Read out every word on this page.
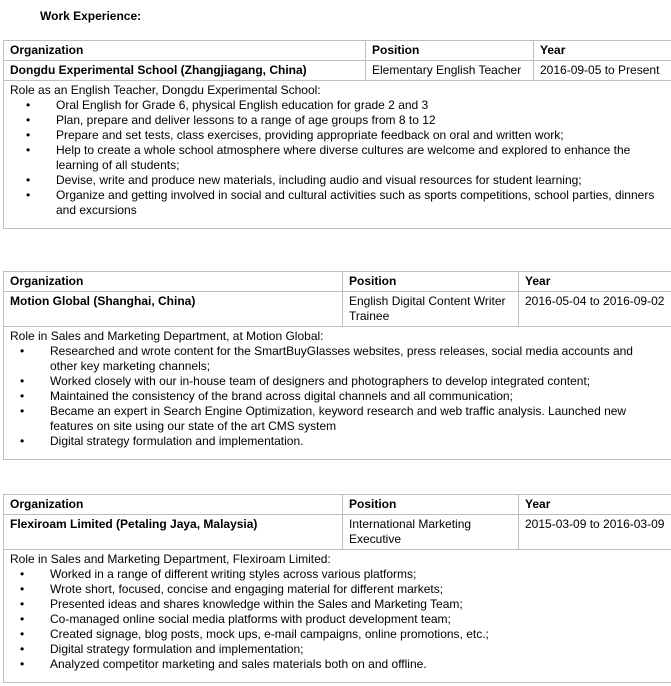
Work Experience:
Organization	Position	Year
Dongdu Experimental School (Zhangjiagang, China)	Elementary English Teacher	2016-09-05 to Present
Role as an English Teacher, Dongdu Experimental School:
• Oral English for Grade 6, physical English education for grade 2 and 3
• Plan, prepare and deliver lessons to a range of age groups from 8 to 12
• Prepare and set tests, class exercises, providing appropriate feedback on oral and written work;
• Help to create a whole school atmosphere where diverse cultures are welcome and explored to enhance the learning of all students;
• Devise, write and produce new materials, including audio and visual resources for student learning;
• Organize and getting involved in social and cultural activities such as sports competitions, school parties, dinners and excursions
Organization	Position	Year
Motion Global (Shanghai, China)	English Digital Content Writer Trainee	2016-05-04 to 2016-09-02
Role in Sales and Marketing Department, at Motion Global:
• Researched and wrote content for the SmartBuyGlasses websites, press releases, social media accounts and other key marketing channels;
• Worked closely with our in-house team of designers and photographers to develop integrated content;
• Maintained the consistency of the brand across digital channels and all communication;
• Became an expert in Search Engine Optimization, keyword research and web traffic analysis. Launched new features on site using our state of the art CMS system
• Digital strategy formulation and implementation.
Organization	Position	Year
Flexiroam Limited (Petaling Jaya, Malaysia)	International Marketing Executive	2015-03-09 to 2016-03-09
Role in Sales and Marketing Department, Flexiroam Limited:
• Worked in a range of different writing styles across various platforms;
• Wrote short, focused, concise and engaging material for different markets;
• Presented ideas and shares knowledge within the Sales and Marketing Team;
• Co-managed online social media platforms with product development team;
• Created signage, blog posts, mock ups, e-mail campaigns, online promotions, etc.;
• Digital strategy formulation and implementation;
• Analyzed competitor marketing and sales materials both on and offline.
